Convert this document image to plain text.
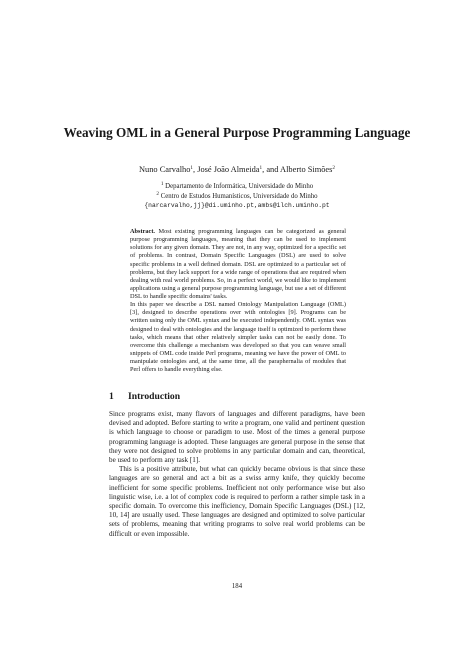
Weaving OML in a General Purpose Programming Language
Nuno Carvalho$^1$, José João Almeida$^1$, and Alberto Simões$^2$
$^1$ Departamento de Informática, Universidade do Minho
$^2$ Centro de Estudos Humanísticos, Universidade do Minho
{narcarvalho,jj}@di.uminho.pt,ambs@ilch.uminho.pt

Abstract. Most existing programming languages can be categorized as general purpose programming languages, meaning that they can be used to implement solutions for any given domain. They are not, in any way, optimized for a specific set of problems. In contrast, Domain Specific Languages (DSL) are used to solve specific problems in a well defined domain. DSL are optimized to a particular set of problems, but they lack support for a wide range of operations that are required when dealing with real world problems. So, in a perfect world, we would like to implement applications using a general purpose programming language, but use a set of different DSL to handle specific domains' tasks.

In this paper we describe a DSL named Ontology Manipulation Language (OML) [3], designed to describe operations over with ontologies [9]. Programs can be written using only the OML syntax and be executed independently. OML syntax was designed to deal with ontologies and the language itself is optimized to perform these tasks, which means that other relatively simpler tasks can not be easily done. To overcome this challenge a mechanism was developed so that you can weave small snippets of OML code inside Perl programs, meaning we have the power of OML to manipulate ontologies and, at the same time, all the paraphernalia of modules that Perl offers to handle everything else.

1 Introduction

Since programs exist, many flavors of languages and different paradigms, have been devised and adopted. Before starting to write a program, one valid and pertinent question is which language to choose or paradigm to use. Most of the times a general purpose programming language is adopted. These languages are general purpose in the sense that they were not designed to solve problems in any particular domain and can, theoretical, be used to perform any task [1].

This is a positive attribute, but what can quickly became obvious is that since these languages are so general and act a bit as a swiss army knife, they quickly become inefficient for some specific problems. Inefficient not only performance wise but also linguistic wise, i.e. a lot of complex code is required to perform a rather simple task in a specific domain. To overcome this inefficiency, Domain Specific Languages (DSL) [12, 10, 14] are usually used. These languages are designed and optimized to solve particular sets of problems, meaning that writing programs to solve real world problems can be difficult or even impossible.

184
